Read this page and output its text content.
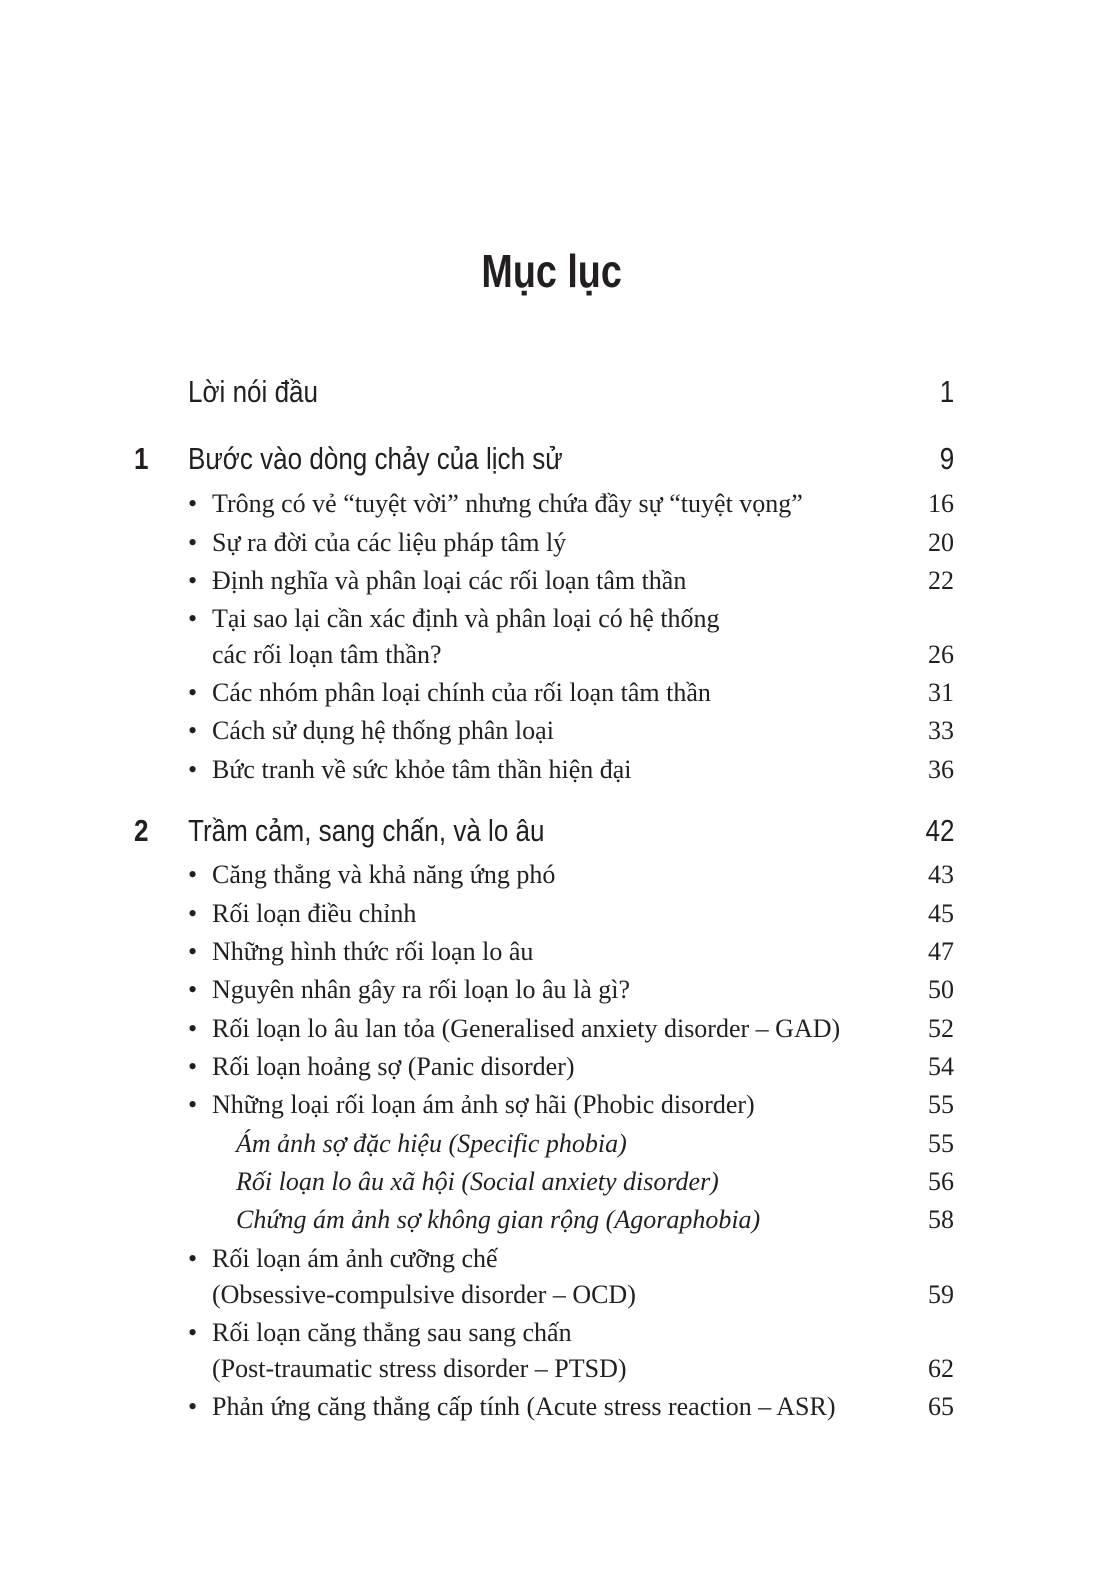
Mục lục
Lời nói đầu	1
1 Bước vào dòng chảy của lịch sử	9
• Trông có vẻ “tuyệt vời” nhưng chứa đầy sự “tuyệt vọng”	16
• Sự ra đời của các liệu pháp tâm lý	20
• Định nghĩa và phân loại các rối loạn tâm thần	22
• Tại sao lại cần xác định và phân loại có hệ thống
các rối loạn tâm thần?	26
• Các nhóm phân loại chính của rối loạn tâm thần	31
• Cách sử dụng hệ thống phân loại	33
• Bức tranh về sức khỏe tâm thần hiện đại	36
2 Trầm cảm, sang chấn, và lo âu	42
• Căng thẳng và khả năng ứng phó	43
• Rối loạn điều chỉnh	45
• Những hình thức rối loạn lo âu	47
• Nguyên nhân gây ra rối loạn lo âu là gì?	50
• Rối loạn lo âu lan tỏa (Generalised anxiety disorder – GAD)	52
• Rối loạn hoảng sợ (Panic disorder)	54
• Những loại rối loạn ám ảnh sợ hãi (Phobic disorder)	55
Ám ảnh sợ đặc hiệu (Specific phobia)	55
Rối loạn lo âu xã hội (Social anxiety disorder)	56
Chứng ám ảnh sợ không gian rộng (Agoraphobia)	58
• Rối loạn ám ảnh cưỡng chế
(Obsessive-compulsive disorder – OCD)	59
• Rối loạn căng thẳng sau sang chấn
(Post-traumatic stress disorder – PTSD)	62
• Phản ứng căng thẳng cấp tính (Acute stress reaction – ASR)	65
